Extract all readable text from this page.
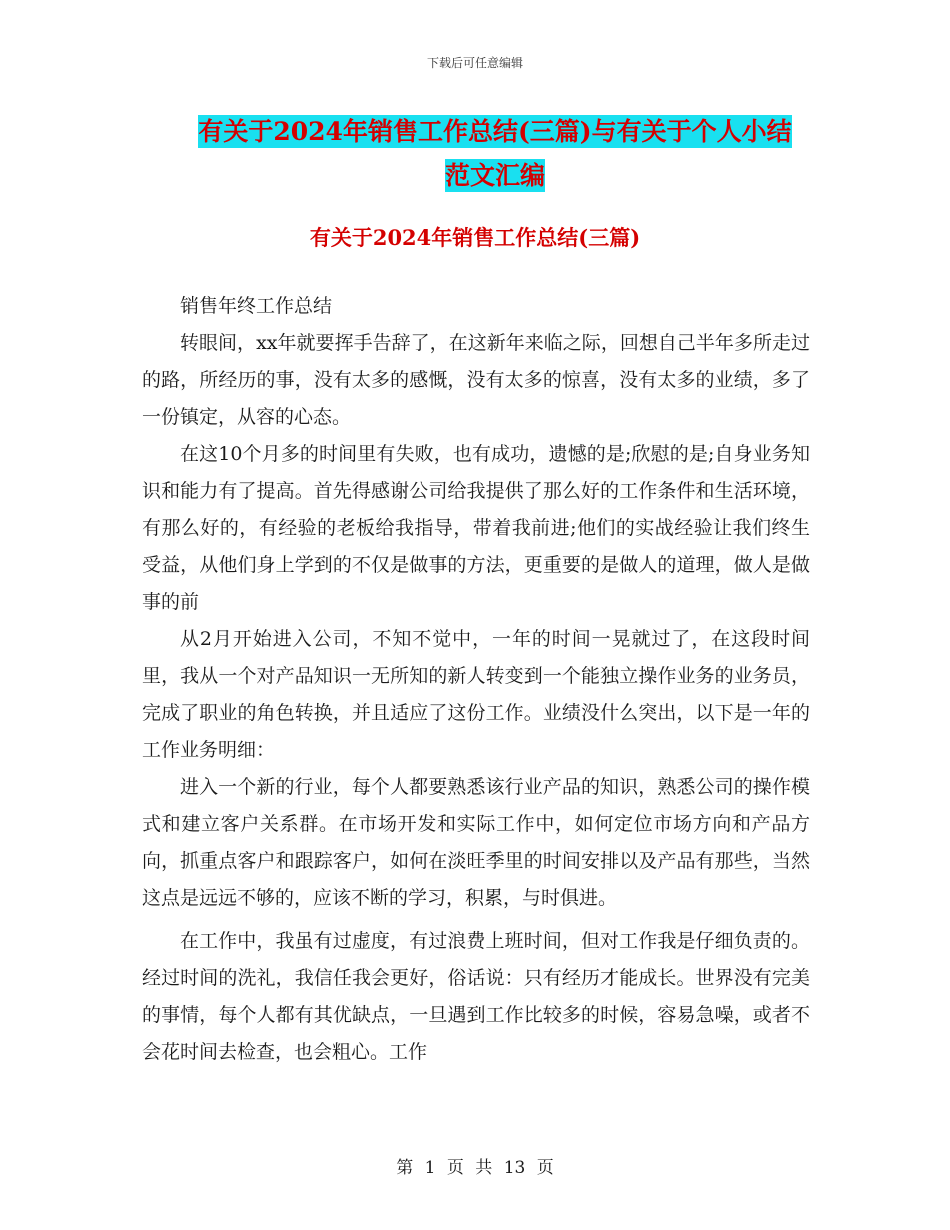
下载后可任意编辑
有关于2024年销售工作总结(三篇)与有关于个人小结
范文汇编
有关于2024年销售工作总结(三篇)

销售年终工作总结

转眼间，xx年就要挥手告辞了，在这新年来临之际，回想自己半年多所走过的路，所经历的事，没有太多的感慨，没有太多的惊喜，没有太多的业绩，多了一份镇定，从容的心态。

在这10个月多的时间里有失败，也有成功，遗憾的是;欣慰的是;自身业务知识和能力有了提高。首先得感谢公司给我提供了那么好的工作条件和生活环境，有那么好的，有经验的老板给我指导，带着我前进;他们的实战经验让我们终生受益，从他们身上学到的不仅是做事的方法，更重要的是做人的道理，做人是做事的前

从2月开始进入公司，不知不觉中，一年的时间一晃就过了，在这段时间里，我从一个对产品知识一无所知的新人转变到一个能独立操作业务的业务员，完成了职业的角色转换，并且适应了这份工作。业绩没什么突出，以下是一年的工作业务明细：

进入一个新的行业，每个人都要熟悉该行业产品的知识，熟悉公司的操作模式和建立客户关系群。在市场开发和实际工作中，如何定位市场方向和产品方向，抓重点客户和跟踪客户，如何在淡旺季里的时间安排以及产品有那些，当然这点是远远不够的，应该不断的学习，积累，与时俱进。

在工作中，我虽有过虚度，有过浪费上班时间，但对工作我是仔细负责的。经过时间的洗礼，我信任我会更好，俗话说：只有经历才能成长。世界没有完美的事情，每个人都有其优缺点，一旦遇到工作比较多的时候，容易急噪，或者不会花时间去检查，也会粗心。工作

第 1 页 共 13 页
